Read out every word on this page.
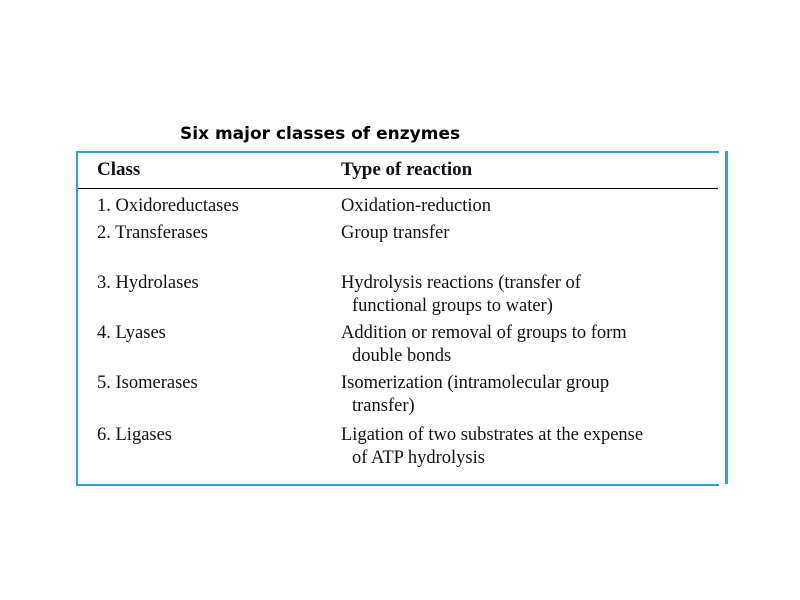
Six major classes of enzymes
Class	Type of reaction
1. Oxidoreductases	Oxidation-reduction
2. Transferases	Group transfer
3. Hydrolases	Hydrolysis reactions (transfer of
functional groups to water)
4. Lyases	Addition or removal of groups to form
double bonds
5. Isomerases	Isomerization (intramolecular group
transfer)
6. Ligases	Ligation of two substrates at the expense
of ATP hydrolysis
